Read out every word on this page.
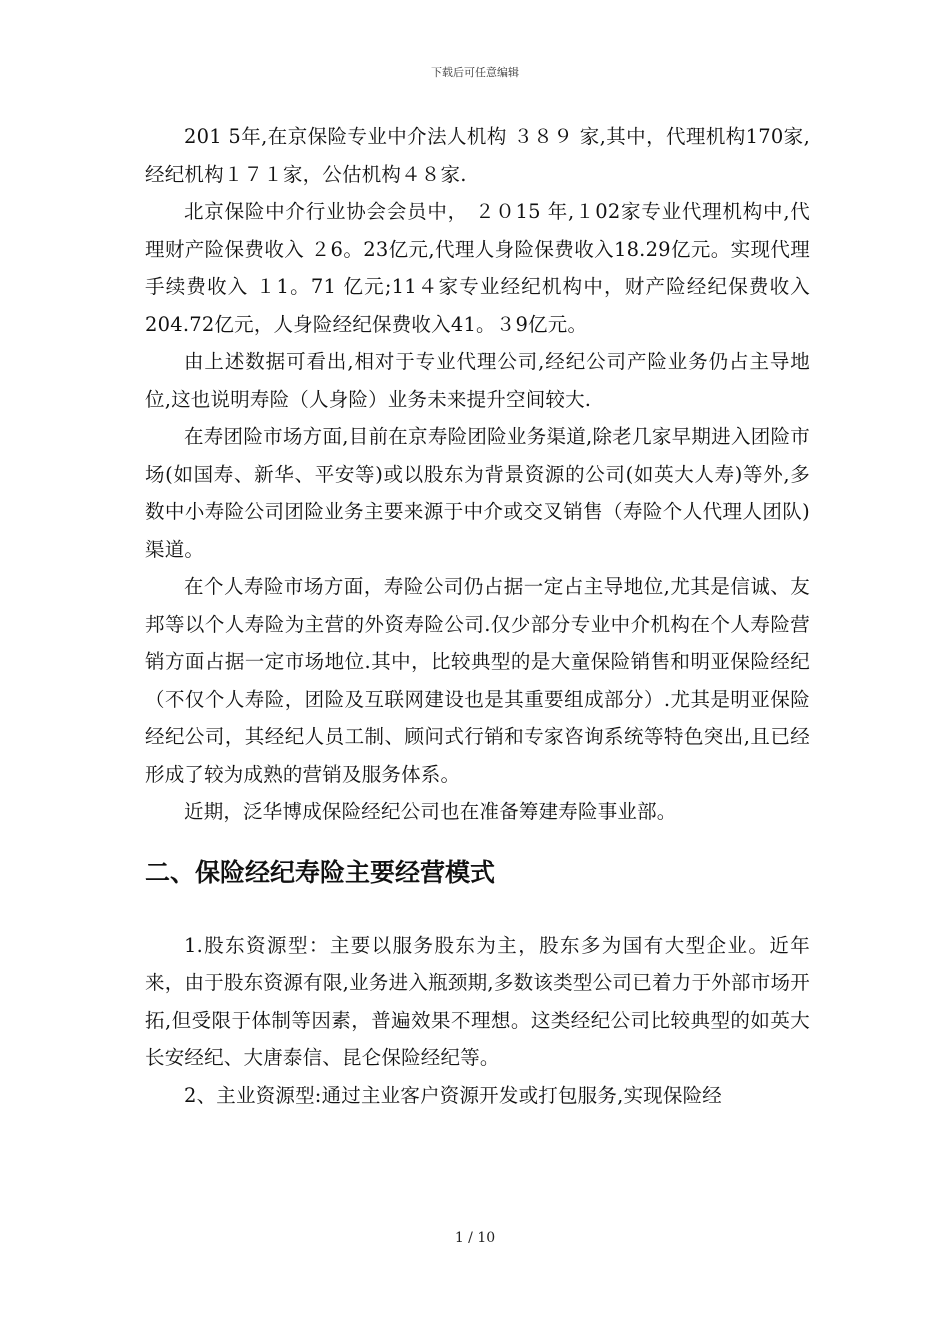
下载后可任意编辑

201 5年,在京保险专业中介法人机构 ３８９ 家,其中，代理机构170家,经纪机构１７１家，公估机构４８家.

北京保险中介行业协会会员中， ２０15 年,１02家专业代理机构中,代理财产险保费收入 ２6。23亿元,代理人身险保费收入18.29亿元。实现代理手续费收入 １1。71 亿元;11４家专业经纪机构中，财产险经纪保费收入204.72亿元，人身险经纪保费收入41。３9亿元。

由上述数据可看出,相对于专业代理公司,经纪公司产险业务仍占主导地位,这也说明寿险（人身险）业务未来提升空间较大.

在寿团险市场方面,目前在京寿险团险业务渠道,除老几家早期进入团险市场(如国寿、新华、平安等)或以股东为背景资源的公司(如英大人寿)等外,多数中小寿险公司团险业务主要来源于中介或交叉销售（寿险个人代理人团队)渠道。

在个人寿险市场方面，寿险公司仍占据一定占主导地位,尤其是信诚、友邦等以个人寿险为主营的外资寿险公司.仅少部分专业中介机构在个人寿险营销方面占据一定市场地位.其中，比较典型的是大童保险销售和明亚保险经纪（不仅个人寿险，团险及互联网建设也是其重要组成部分）.尤其是明亚保险经纪公司，其经纪人员工制、顾问式行销和专家咨询系统等特色突出,且已经形成了较为成熟的营销及服务体系。

近期，泛华博成保险经纪公司也在准备筹建寿险事业部。

二、保险经纪寿险主要经营模式

1.股东资源型：主要以服务股东为主，股东多为国有大型企业。近年来，由于股东资源有限,业务进入瓶颈期,多数该类型公司已着力于外部市场开拓,但受限于体制等因素，普遍效果不理想。这类经纪公司比较典型的如英大长安经纪、大唐泰信、昆仑保险经纪等。

2、主业资源型:通过主业客户资源开发或打包服务,实现保险经

1 / 10
